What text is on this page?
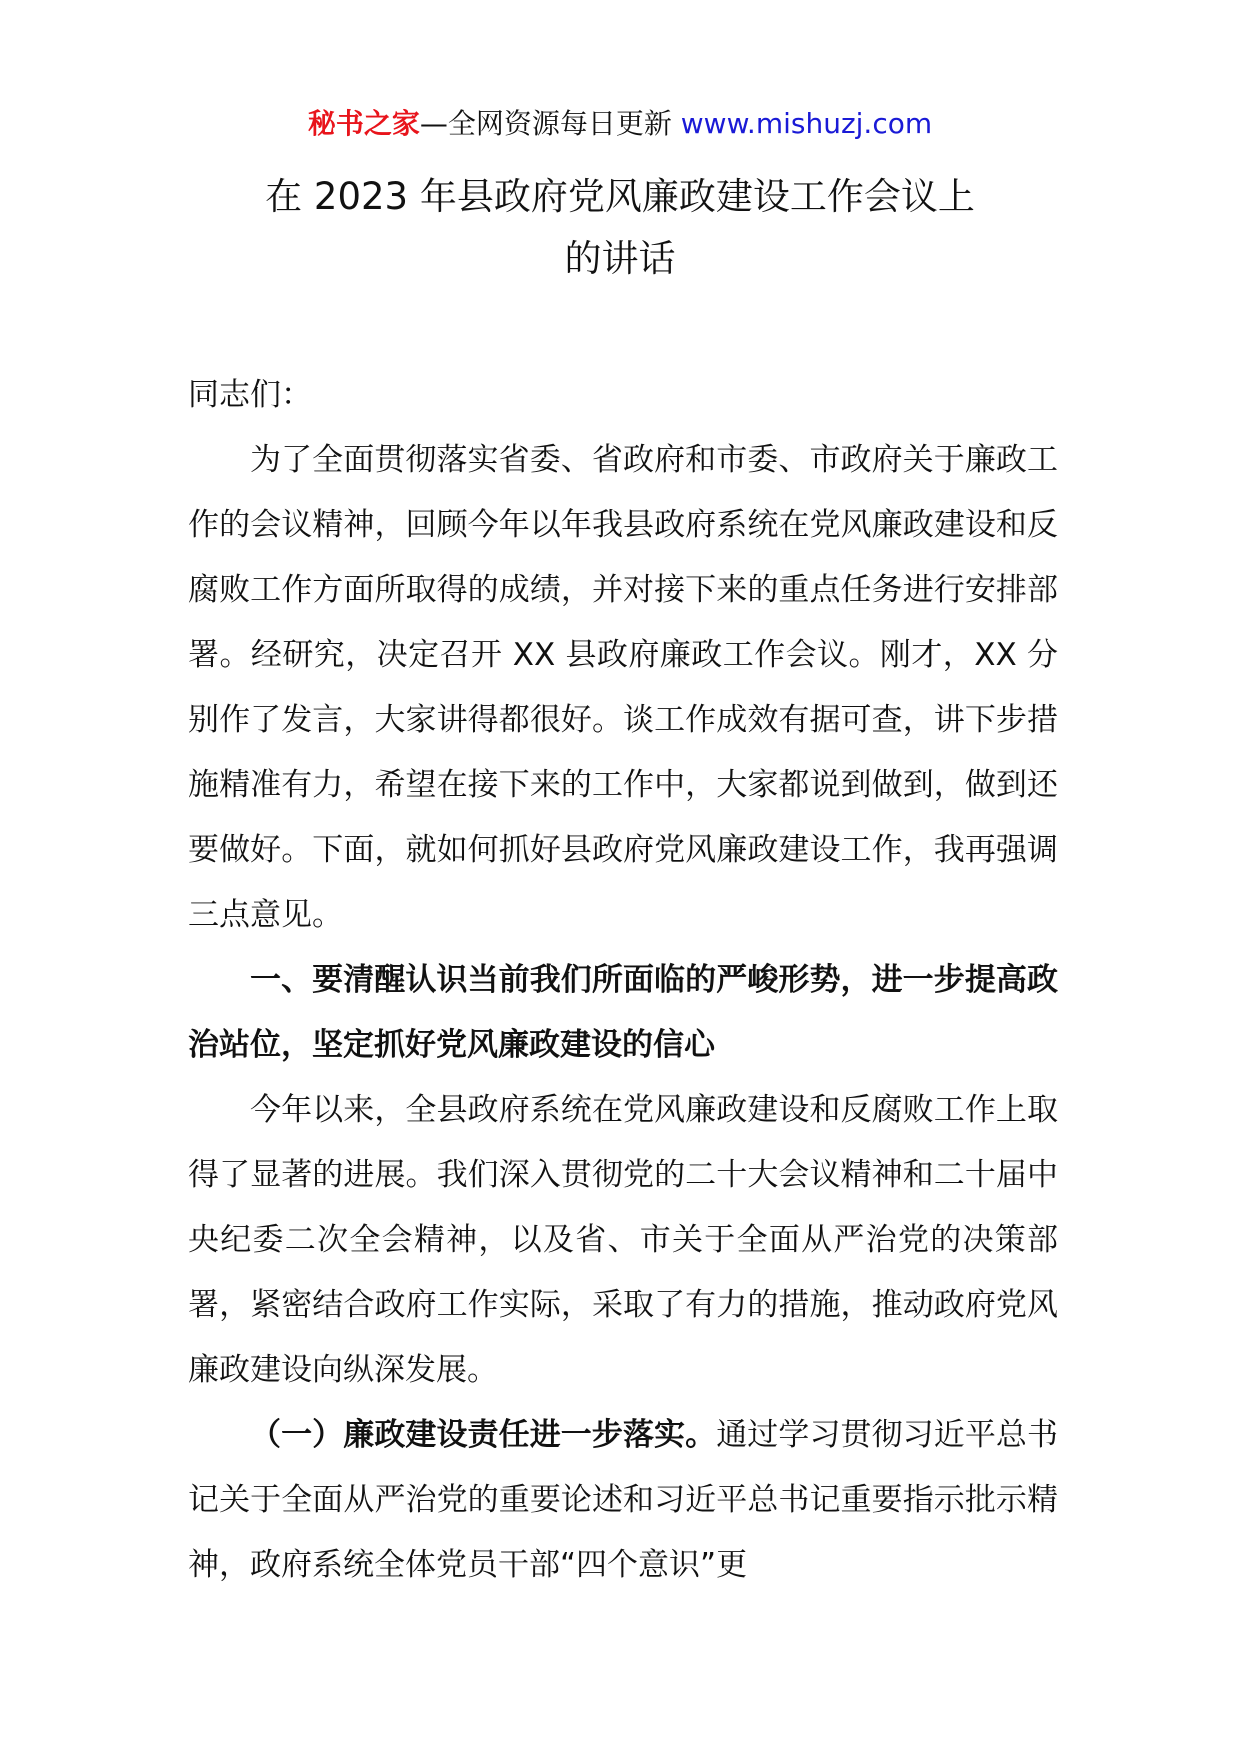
秘书之家—全网资源每日更新 www.mishuzj.com
在 2023 年县政府党风廉政建设工作会议上
的讲话

同志们：

为了全面贯彻落实省委、省政府和市委、市政府关于廉政工作的会议精神，回顾今年以年我县政府系统在党风廉政建设和反腐败工作方面所取得的成绩，并对接下来的重点任务进行安排部署。经研究，决定召开 XX 县政府廉政工作会议。刚才，XX 分别作了发言，大家讲得都很好。谈工作成效有据可查，讲下步措施精准有力，希望在接下来的工作中，大家都说到做到，做到还要做好。下面，就如何抓好县政府党风廉政建设工作，我再强调三点意见。

一、要清醒认识当前我们所面临的严峻形势，进一步提高政治站位，坚定抓好党风廉政建设的信心

今年以来，全县政府系统在党风廉政建设和反腐败工作上取得了显著的进展。我们深入贯彻党的二十大会议精神和二十届中央纪委二次全会精神，以及省、市关于全面从严治党的决策部署，紧密结合政府工作实际，采取了有力的措施，推动政府党风廉政建设向纵深发展。

（一）廉政建设责任进一步落实。通过学习贯彻习近平总书记关于全面从严治党的重要论述和习近平总书记重要指示批示精神，政府系统全体党员干部“四个意识”更
